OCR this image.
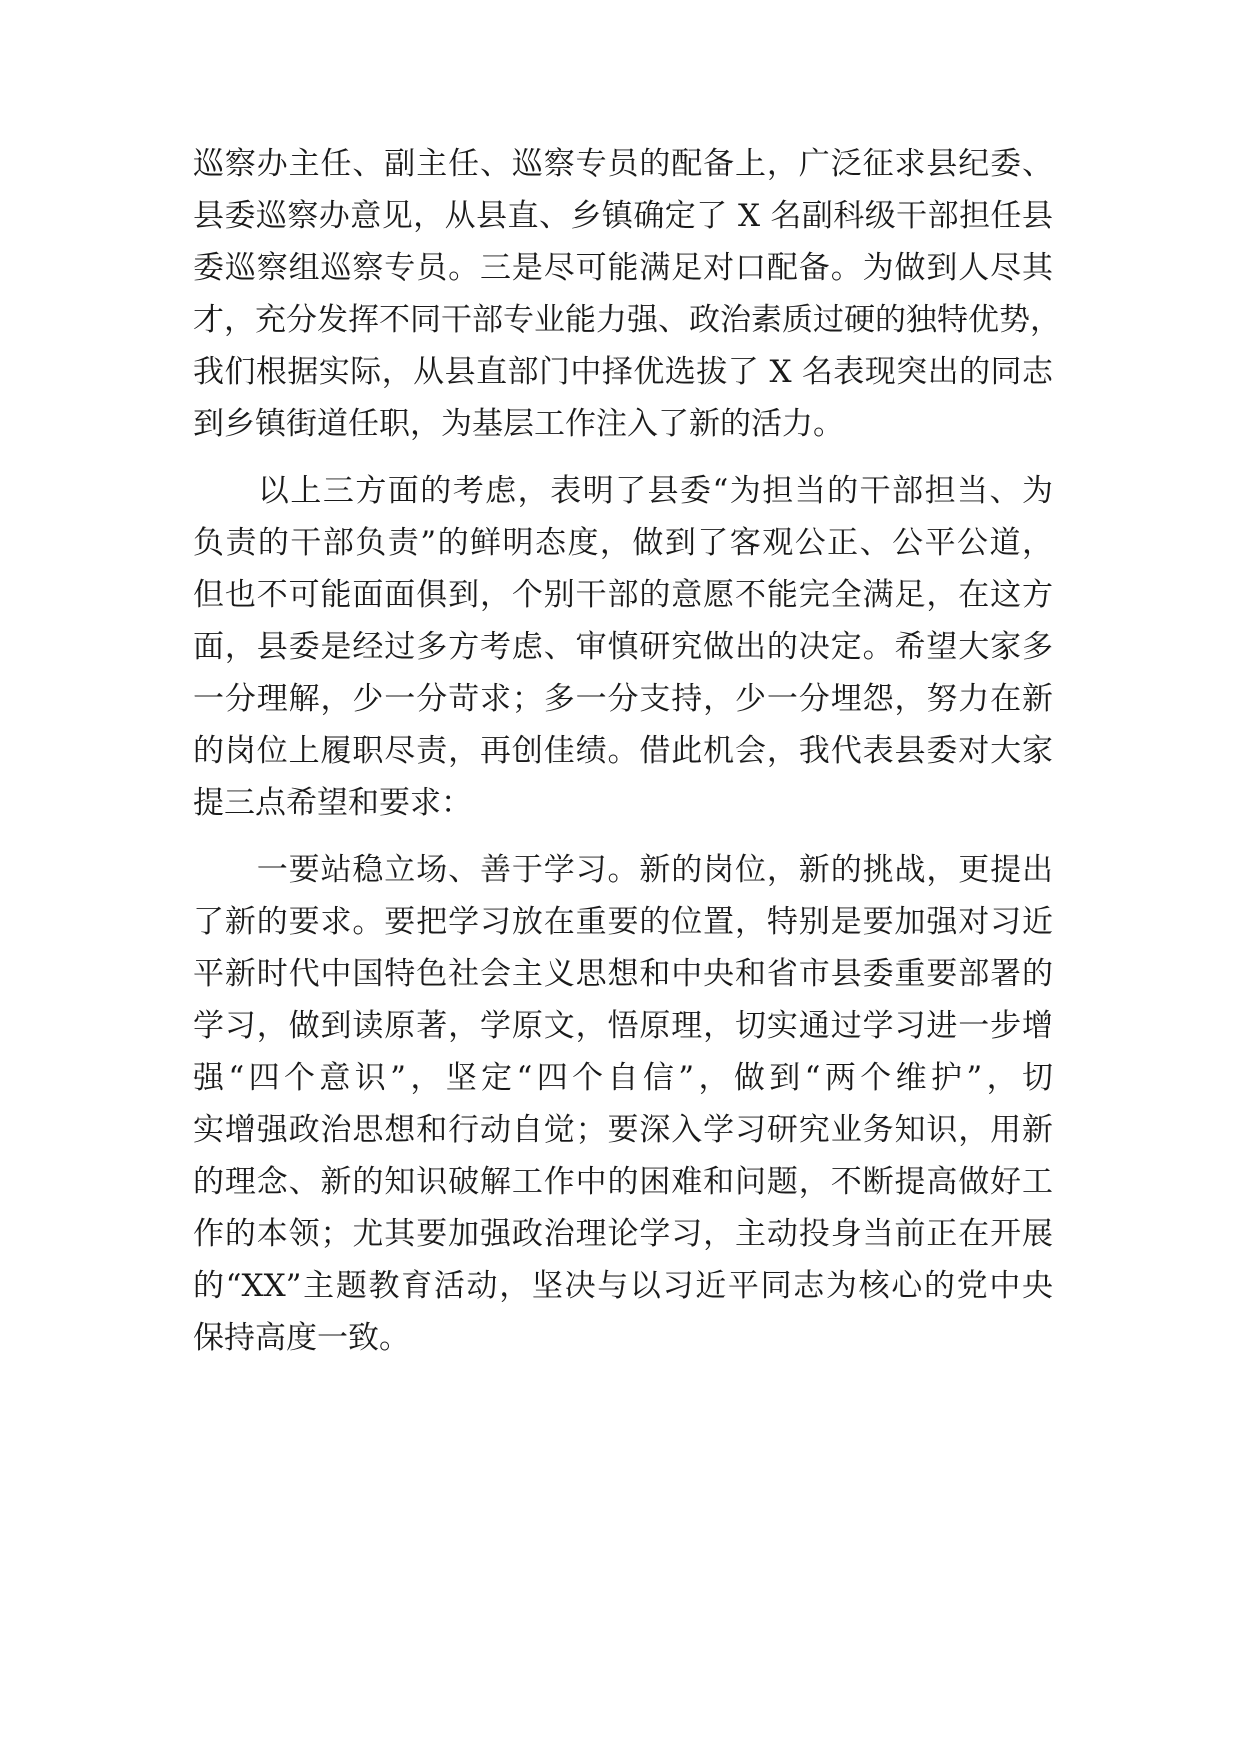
巡察办主任、副主任、巡察专员的配备上，广泛征求县纪委、
县委巡察办意见，从县直、乡镇确定了 X 名副科级干部担任县
委巡察组巡察专员。三是尽可能满足对口配备。为做到人尽其
才，充分发挥不同干部专业能力强、政治素质过硬的独特优势，
我们根据实际，从县直部门中择优选拔了 X 名表现突出的同志
到乡镇街道任职，为基层工作注入了新的活力。
　　以上三方面的考虑，表明了县委“为担当的干部担当、为
负责的干部负责”的鲜明态度，做到了客观公正、公平公道，
但也不可能面面俱到，个别干部的意愿不能完全满足，在这方
面，县委是经过多方考虑、审慎研究做出的决定。希望大家多
一分理解，少一分苛求；多一分支持，少一分埋怨，努力在新
的岗位上履职尽责，再创佳绩。借此机会，我代表县委对大家
提三点希望和要求：
　　一要站稳立场、善于学习。新的岗位，新的挑战，更提出
了新的要求。要把学习放在重要的位置，特别是要加强对习近
平新时代中国特色社会主义思想和中央和省市县委重要部署的
学习，做到读原著，学原文，悟原理，切实通过学习进一步增
强“四个意识”，坚定“四个自信”，做到“两个维护”，切
实增强政治思想和行动自觉；要深入学习研究业务知识，用新
的理念、新的知识破解工作中的困难和问题，不断提高做好工
作的本领；尤其要加强政治理论学习，主动投身当前正在开展
的“XX”主题教育活动，坚决与以习近平同志为核心的党中央
保持高度一致。
